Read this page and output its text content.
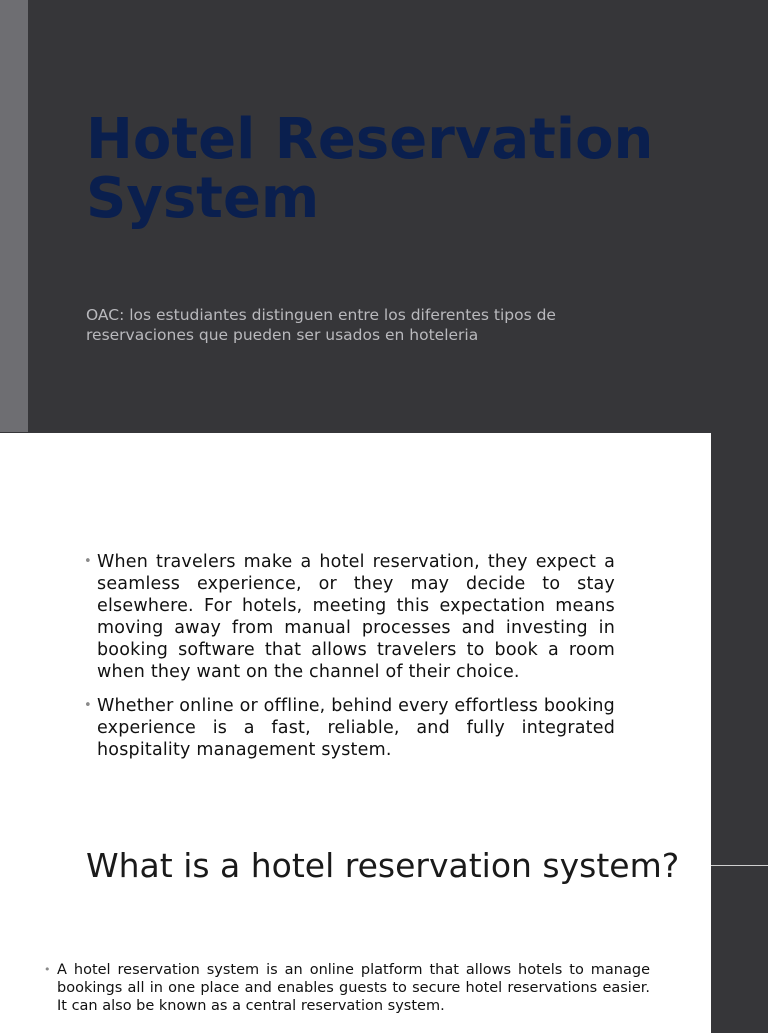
Hotel Reservation System

OAC: los estudiantes distinguen entre los diferentes tipos de reservaciones que pueden ser usados en hoteleria

• When travelers make a hotel reservation, they expect a seamless experience, or they may decide to stay elsewhere. For hotels, meeting this expectation means moving away from manual processes and investing in booking software that allows travelers to book a room when they want on the channel of their choice.
• Whether online or offline, behind every effortless booking experience is a fast, reliable, and fully integrated hospitality management system.
What is a hotel reservation system?
• A hotel reservation system is an online platform that allows hotels to manage bookings all in one place and enables guests to secure hotel reservations easier. It can also be known as a central reservation system.
